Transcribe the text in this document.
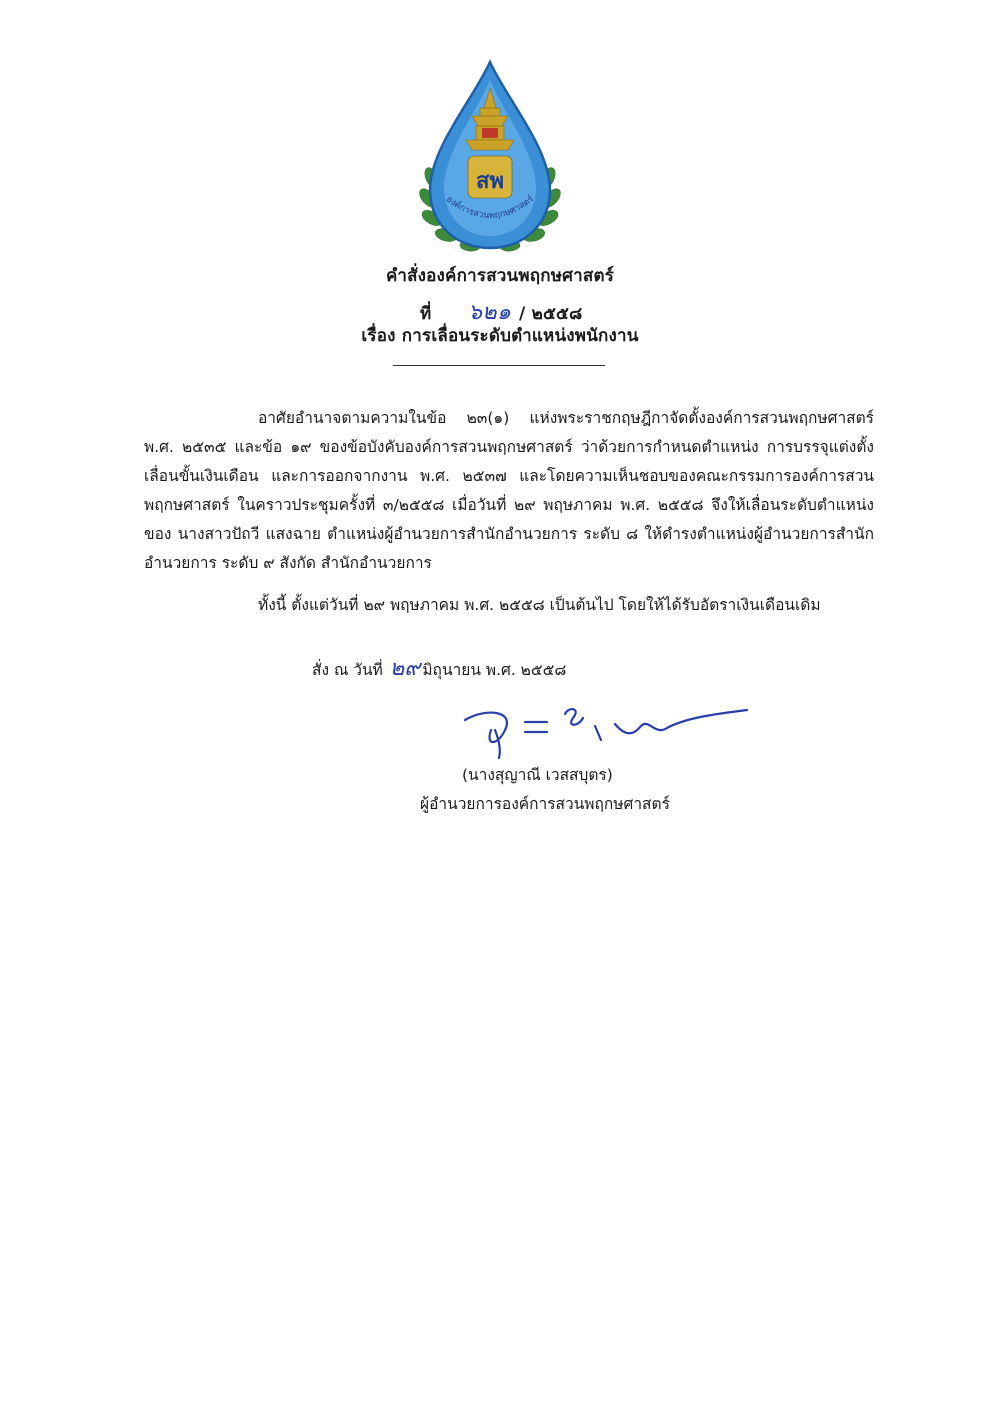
สพ
องค์การสวนพฤกษศาสตร์
คำสั่งองค์การสวนพฤกษศาสตร์
ที่ ๖๒๑ / ๒๕๕๘
เรื่อง การเลื่อนระดับตำแหน่งพนักงาน
อาศัยอำนาจตามความในข้อ ๒๓(๑) แห่งพระราชกฤษฎีกาจัดตั้งองค์การสวนพฤกษศาสตร์ พ.ศ. ๒๕๓๕ และข้อ ๑๙ ของข้อบังคับองค์การสวนพฤกษศาสตร์ ว่าด้วยการกำหนดตำแหน่ง การบรรจุแต่งตั้ง เลื่อนขั้นเงินเดือน และการออกจากงาน พ.ศ. ๒๕๓๗ และโดยความเห็นชอบของคณะกรรมการองค์การสวนพฤกษศาสตร์ ในคราวประชุมครั้งที่ ๓/๒๕๕๘ เมื่อวันที่ ๒๙ พฤษภาคม พ.ศ. ๒๕๕๘ จึงให้เลื่อนระดับตำแหน่ง ของ นางสาวปัถวี แสงฉาย ตำแหน่งผู้อำนวยการสำนักอำนวยการ ระดับ ๘ ให้ดำรงตำแหน่งผู้อำนวยการสำนักอำนวยการ ระดับ ๙ สังกัด สำนักอำนวยการ
ทั้งนี้ ตั้งแต่วันที่ ๒๙ พฤษภาคม พ.ศ. ๒๕๕๘ เป็นต้นไป โดยให้ได้รับอัตราเงินเดือนเดิม
สั่ง ณ วันที่ ๒๙ มิถุนายน พ.ศ. ๒๕๕๘
(นางสุญาณี เวสสบุตร)
ผู้อำนวยการองค์การสวนพฤกษศาสตร์
